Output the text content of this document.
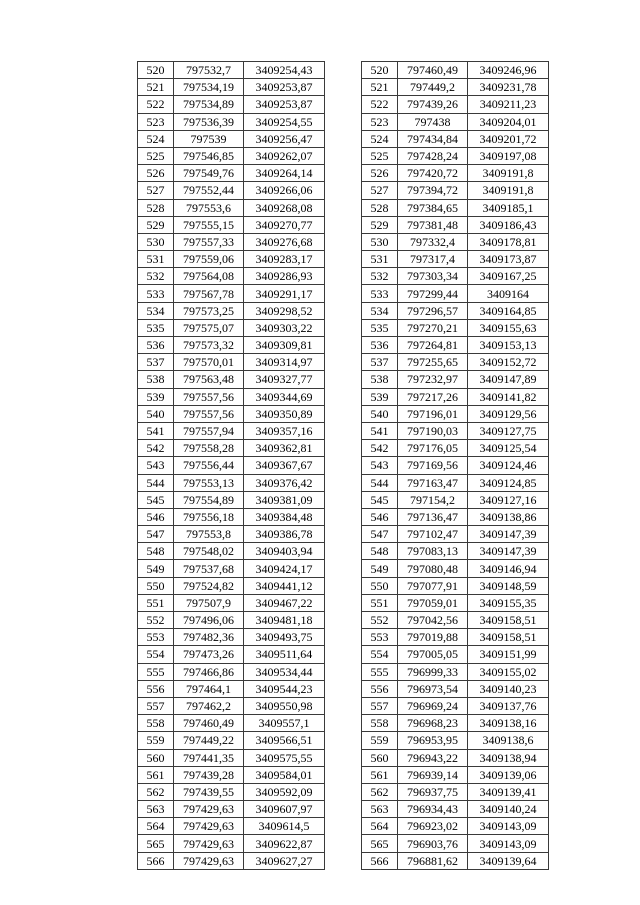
520	797532,7	3409254,43
521	797534,19	3409253,87
522	797534,89	3409253,87
523	797536,39	3409254,55
524	797539	3409256,47
525	797546,85	3409262,07
526	797549,76	3409264,14
527	797552,44	3409266,06
528	797553,6	3409268,08
529	797555,15	3409270,77
530	797557,33	3409276,68
531	797559,06	3409283,17
532	797564,08	3409286,93
533	797567,78	3409291,17
534	797573,25	3409298,52
535	797575,07	3409303,22
536	797573,32	3409309,81
537	797570,01	3409314,97
538	797563,48	3409327,77
539	797557,56	3409344,69
540	797557,56	3409350,89
541	797557,94	3409357,16
542	797558,28	3409362,81
543	797556,44	3409367,67
544	797553,13	3409376,42
545	797554,89	3409381,09
546	797556,18	3409384,48
547	797553,8	3409386,78
548	797548,02	3409403,94
549	797537,68	3409424,17
550	797524,82	3409441,12
551	797507,9	3409467,22
552	797496,06	3409481,18
553	797482,36	3409493,75
554	797473,26	3409511,64
555	797466,86	3409534,44
556	797464,1	3409544,23
557	797462,2	3409550,98
558	797460,49	3409557,1
559	797449,22	3409566,51
560	797441,35	3409575,55
561	797439,28	3409584,01
562	797439,55	3409592,09
563	797429,63	3409607,97
564	797429,63	3409614,5
565	797429,63	3409622,87
566	797429,63	3409627,27
520	797460,49	3409246,96
521	797449,2	3409231,78
522	797439,26	3409211,23
523	797438	3409204,01
524	797434,84	3409201,72
525	797428,24	3409197,08
526	797420,72	3409191,8
527	797394,72	3409191,8
528	797384,65	3409185,1
529	797381,48	3409186,43
530	797332,4	3409178,81
531	797317,4	3409173,87
532	797303,34	3409167,25
533	797299,44	3409164
534	797296,57	3409164,85
535	797270,21	3409155,63
536	797264,81	3409153,13
537	797255,65	3409152,72
538	797232,97	3409147,89
539	797217,26	3409141,82
540	797196,01	3409129,56
541	797190,03	3409127,75
542	797176,05	3409125,54
543	797169,56	3409124,46
544	797163,47	3409124,85
545	797154,2	3409127,16
546	797136,47	3409138,86
547	797102,47	3409147,39
548	797083,13	3409147,39
549	797080,48	3409146,94
550	797077,91	3409148,59
551	797059,01	3409155,35
552	797042,56	3409158,51
553	797019,88	3409158,51
554	797005,05	3409151,99
555	796999,33	3409155,02
556	796973,54	3409140,23
557	796969,24	3409137,76
558	796968,23	3409138,16
559	796953,95	3409138,6
560	796943,22	3409138,94
561	796939,14	3409139,06
562	796937,75	3409139,41
563	796934,43	3409140,24
564	796923,02	3409143,09
565	796903,76	3409143,09
566	796881,62	3409139,64
